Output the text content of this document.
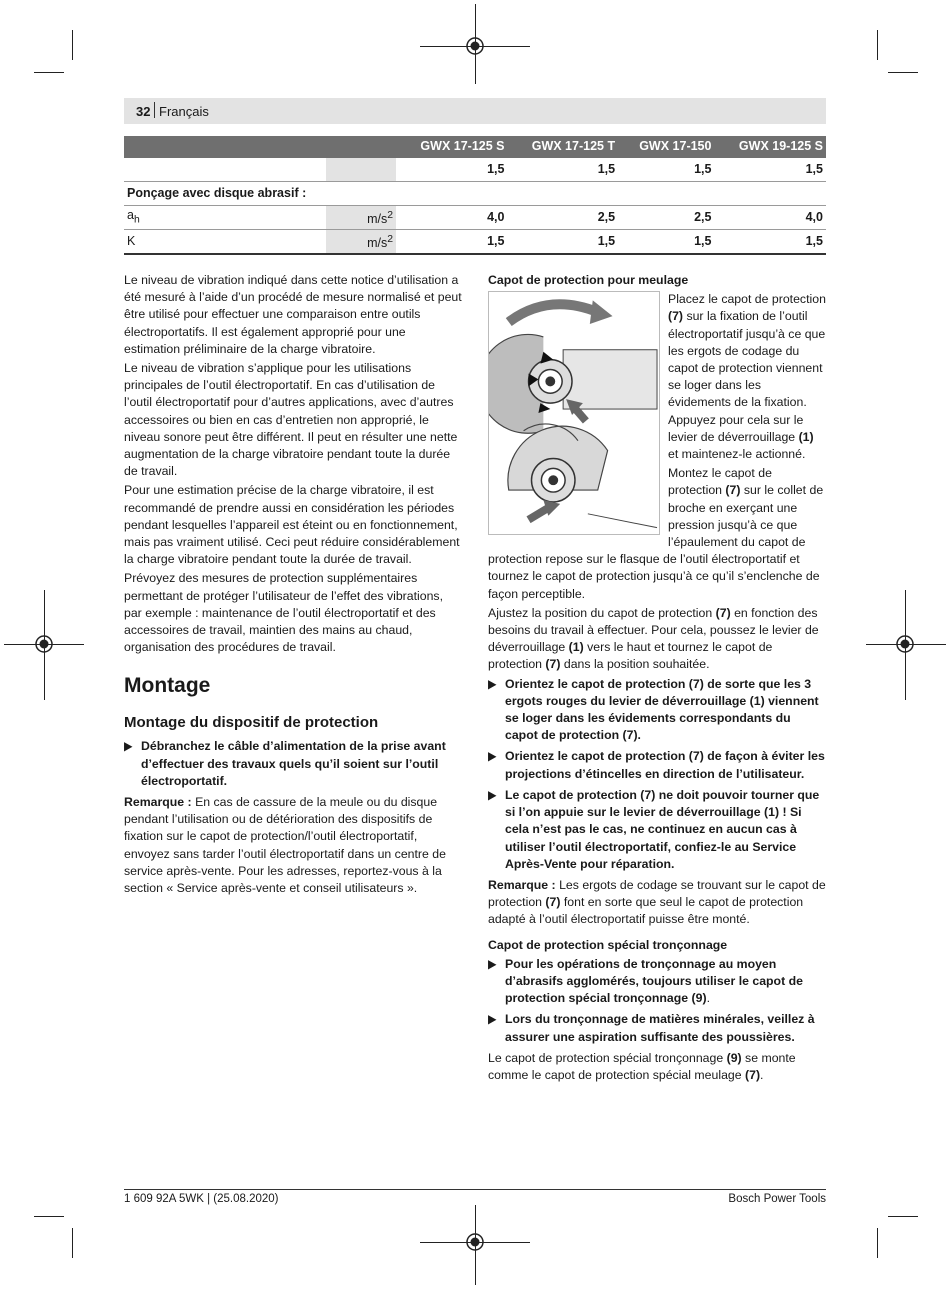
32 Français
		GWX 17-125 S	GWX 17-125 T	GWX 17-150	GWX 19-125 S
		1,5	1,5	1,5	1,5
Ponçage avec disque abrasif :					
$a_h$	$m/s^2$	4,0	2,5	2,5	4,0
K	$m/s^2$	1,5	1,5	1,5	1,5

Le niveau de vibration indiqué dans cette notice d’utilisation a été mesuré à l’aide d’un procédé de mesure normalisé et peut être utilisé pour effectuer une comparaison entre outils électroportatifs. Il est également approprié pour une estimation préliminaire de la charge vibratoire.

Le niveau de vibration s’applique pour les utilisations principales de l’outil électroportatif. En cas d’utilisation de l’outil électroportatif pour d’autres applications, avec d’autres accessoires ou bien en cas d’entretien non approprié, le niveau sonore peut être différent. Il peut en résulter une nette augmentation de la charge vibratoire pendant toute la durée de travail.

Pour une estimation précise de la charge vibratoire, il est recommandé de prendre aussi en considération les périodes pendant lesquelles l’appareil est éteint ou en fonctionnement, mais pas vraiment utilisé. Ceci peut réduire considérablement la charge vibratoire pendant toute la durée de travail.

Prévoyez des mesures de protection supplémentaires permettant de protéger l’utilisateur de l’effet des vibrations, par exemple : maintenance de l’outil électroportatif et des accessoires de travail, maintien des mains au chaud, organisation des procédures de travail.

Montage
Montage du dispositif de protection
▶ Débranchez le câble d’alimentation de la prise avant d’effectuer des travaux quels qu’il soient sur l’outil électroportatif.

Remarque : En cas de cassure de la meule ou du disque pendant l’utilisation ou de détérioration des dispositifs de fixation sur le capot de protection/l’outil électroportatif, envoyez sans tarder l’outil électroportatif dans un centre de service après-vente. Pour les adresses, reportez-vous à la section « Service après-vente et conseil utilisateurs ».

Capot de protection pour meulage

Placez le capot de protection (7) sur la fixation de l’outil électroportatif jusqu’à ce que les ergots de codage du capot de protection viennent se loger dans les évidements de la fixation. Appuyez pour cela sur le levier de déverrouillage (1) et maintenez-le actionné.

Montez le capot de protection (7) sur le collet de broche en exerçant une pression jusqu’à ce que l’épaulement du capot de protection repose sur le flasque de l’outil électroportatif et tournez le capot de protection jusqu’à ce qu’il s’enclenche de façon perceptible.

Ajustez la position du capot de protection (7) en fonction des besoins du travail à effectuer. Pour cela, poussez le levier de déverrouillage (1) vers le haut et tournez le capot de protection (7) dans la position souhaitée.

▶ Orientez le capot de protection (7) de sorte que les 3 ergots rouges du levier de déverrouillage (1) viennent se loger dans les évidements correspondants du capot de protection (7).
▶ Orientez le capot de protection (7) de façon à éviter les projections d’étincelles en direction de l’utilisateur.
▶ Le capot de protection (7) ne doit pouvoir tourner que si l’on appuie sur le levier de déverrouillage (1) ! Si cela n’est pas le cas, ne continuez en aucun cas à utiliser l’outil électroportatif, confiez-le au Service Après-Vente pour réparation.

Remarque : Les ergots de codage se trouvant sur le capot de protection (7) font en sorte que seul le capot de protection adapté à l’outil électroportatif puisse être monté.

Capot de protection spécial tronçonnage
▶ Pour les opérations de tronçonnage au moyen d’abrasifs agglomérés, toujours utiliser le capot de protection spécial tronçonnage (9).
▶ Lors du tronçonnage de matières minérales, veillez à assurer une aspiration suffisante des poussières.

Le capot de protection spécial tronçonnage (9) se monte comme le capot de protection spécial meulage (7).

1 609 92A 5WK | (25.08.2020)	Bosch Power Tools
